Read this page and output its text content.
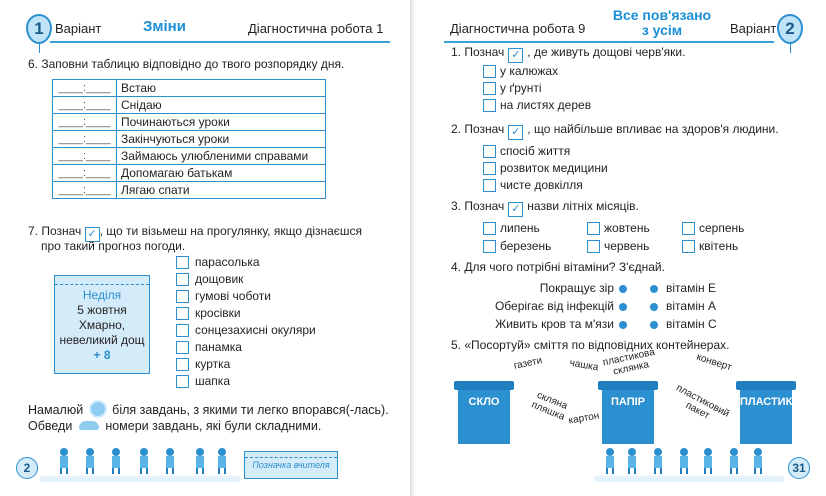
1 Варіант	Зміни	Діагностична робота 1
6. Заповни таблицю відповідно до твого розпорядку дня.
____:____	Встаю
____:____	Снідаю
____:____	Починаються уроки
____:____	Закінчуються уроки
____:____	Займаюсь улюбленими справами
____:____	Допомагаю батькам
____:____	Лягаю спати
7. Познач ✓ , що ти візьмеш на прогулянку, якщо дізнаєшся
про такий прогноз погоди.
Неділя
5 жовтня
Хмарно,
невеликий дощ
+ 8
парасолька
дощовик
гумові чоботи
кросівки
сонцезахисні окуляри
панамка
куртка
шапка
Намалюй біля завдань, з якими ти легко впорався(-лась).
Обведи	номери завдань, які були складними.
2	Позначка вчителя
Діагностична робота 9
Все пов'язано
з усім	Варіант 2
1. Познач ✓ , де живуть дощові черв'яки.
у калюжах
у ґрунті
на листях дерев
2. Познач ✓ , що найбільше впливає на здоров'я людини.
спосіб життя
розвиток медицини
чисте довкілля
3. Познач ✓ назви літніх місяців.
липень	жовтень	серпень
березень	червень	квітень
4. Для чого потрібні вітаміни? З'єднай.
Покращує зір	вітамін Е
Оберігає від інфекцій	вітамін А
Живить кров та м'язи	вітамін С
5. «Посортуй» сміття по відповідних контейнерах.
СКЛО	ПАПІР	ПЛАСТИК
газети	чашка пластикова склянка	конверт
скляна пляшка картон	пластиковий пакет
31
